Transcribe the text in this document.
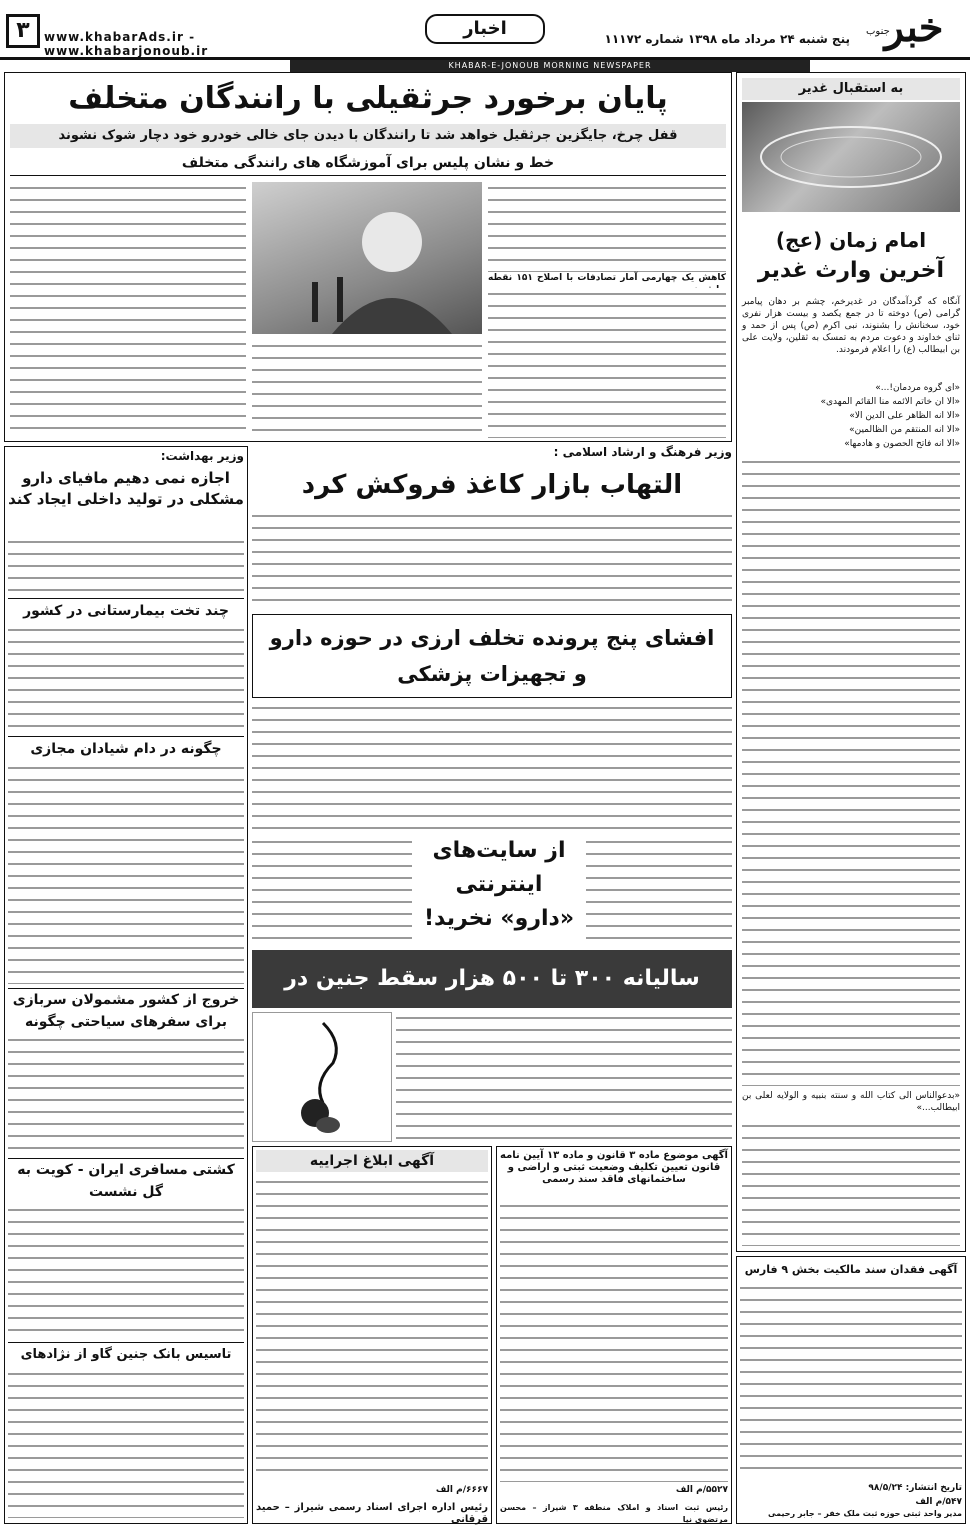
خبر
جنوب
پنج شنبه ۲۴ مرداد ماه ۱۳۹۸ شماره ۱۱۱۷۲
اخبار
www.khabarAds.ir - www.khabarjonoub.ir
۳
KHABAR-E-JONOUB MORNING NEWSPAPER
به استقبال غدیر
امام زمان (عج)
آخرین وارث غدیر
آنگاه که گردآمدگان در غدیرخم، چشم بر دهان پیامبر گرامی (ص) دوخته تا در جمع یکصد و بیست هزار نفری خود، سخنانش را بشنوند، نبی اکرم (ص) پس از حمد و ثنای خداوند و دعوت مردم به تمسک به ثقلین، ولایت علی بن ابیطالب (ع) را اعلام فرمودند.
«ای گروه مردمان!...»
«الا ان خاتم الائمه منا القائم المهدی»
«الا انه الظاهر علی الدین الا»
«الا انه المنتقم من الظالمین»
«الا انه فاتح الحصون و هادمها»
«بدعوالناس الی کتاب الله و سنته بنبیه و الولایه لعلی بن ابیطالب...»
پایان برخورد جرثقیلی با رانندگان متخلف
قفل چرخ، جایگزین جرثقیل خواهد شد تا رانندگان با دیدن جای خالی خودرو خود دچار شوک نشوند
خط و نشان پلیس برای آموزشگاه های رانندگی متخلف
کاهش یک چهارمی آمار تصادفات با اصلاح ۱۵۱ نقطه
وزیر فرهنگ و ارشاد اسلامی :
التهاب بازار کاغذ فروکش کرد
افشای پنج پرونده تخلف ارزی در حوزه دارو
و تجهیزات پزشکی
از سایت‌های
اینترنتی
«دارو» نخرید!
سالیانه ۳۰۰ تا ۵۰۰ هزار سقط جنین در
وزیر بهداشت:
اجازه نمی دهیم مافیای دارو مشکلی در تولید داخلی ایجاد کند
چند تخت بیمارستانی در کشور
چگونه در دام شیادان مجازی
خروج از کشور مشمولان سربازی برای سفرهای سیاحتی چگونه
کشتی مسافری ایران - کویت به گل نشست
تاسیس بانک جنین گاو از نژادهای
آگهی ابلاغ اجراییه
۶۶۶۷/م الف
رئیس اداره اجرای اسناد رسمی شیراز – حمید قرقانی
آگهی موضوع ماده ۳ قانون و ماده ۱۳ آیین نامه قانون تعیین تکلیف وضعیت ثبتی و اراضی و ساختمانهای فاقد سند رسمی
۵۵۲۷/م الف
رئیس ثبت اسناد و املاک منطقه ۳ شیراز – محسن مرتضوی نیا
آگهی فقدان سند مالکیت بخش ۹ فارس
تاریخ انتشار: ۹۸/۵/۲۴
۵۴۷/م الف
مدیر واحد ثبتی حوزه ثبت ملک خفر – جابر رحیمی
